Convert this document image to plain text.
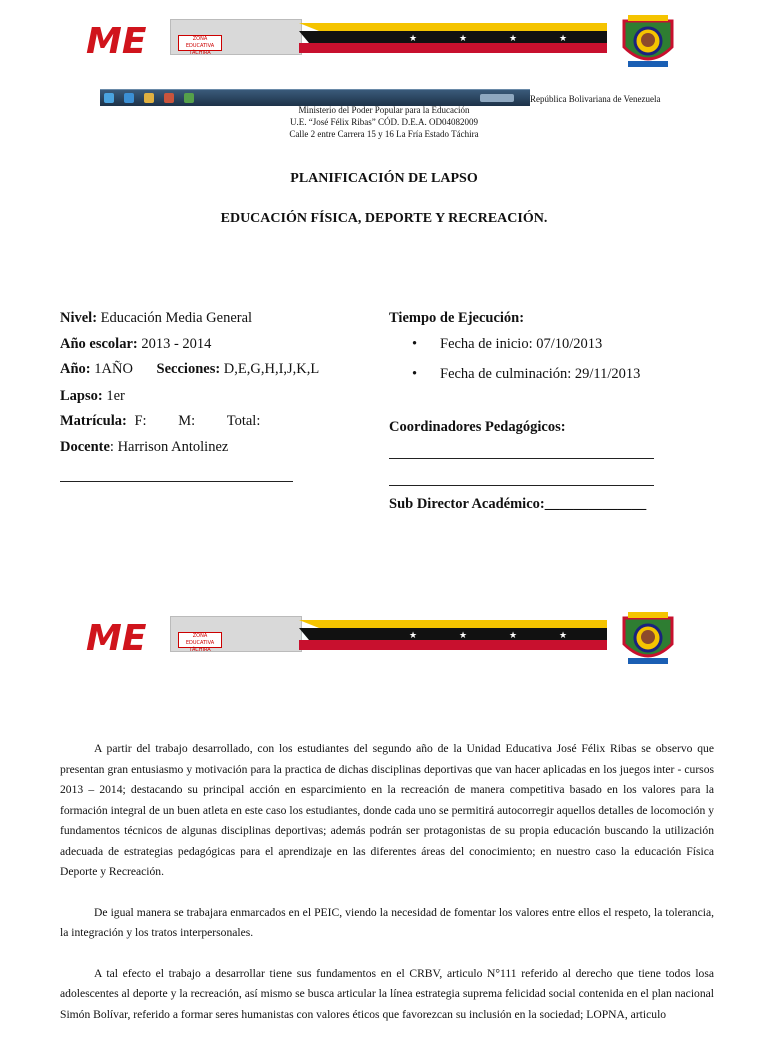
ME	ZONA EDUCATIVA TÁCHIRA
★	★	★	★
República Bolivariana de Venezuela
Ministerio del Poder Popular para la Educación
U.E. “José Félix Ribas” CÓD. D.E.A. OD04082009
Calle 2 entre Carrera 15 y 16 La Fría Estado Táchira
PLANIFICACIÓN DE LAPSO
EDUCACIÓN FÍSICA, DEPORTE Y RECREACIÓN.
Nivel: Educación Media General
Año escolar: 2013 - 2014
Año: 1AÑO Secciones: D,E,G,H,I,J,K,L
Lapso: 1er
Matrícula: F: M: Total:
Docente: Harrison Antolinez
Tiempo de Ejecución:
• Fecha de inicio: 07/10/2013
• Fecha de culminación: 29/11/2013
Coordinadores Pedagógicos:
Sub Director Académico:______________
ME	ZONA EDUCATIVA TÁCHIRA
★	★	★	★

A partir del trabajo desarrollado, con los estudiantes del segundo año de la Unidad Educativa José Félix Ribas se observo que presentan gran entusiasmo y motivación para la practica de dichas disciplinas deportivas que van hacer aplicadas en los juegos inter - cursos 2013 – 2014; destacando su principal acción en esparcimiento en la recreación de manera competitiva basado en los valores para la formación integral de un buen atleta en este caso los estudiantes, donde cada uno se permitirá autocorregir aquellos detalles de locomoción y fundamentos técnicos de algunas disciplinas deportivas; además podrán ser protagonistas de su propia educación buscando la utilización adecuada de estrategias pedagógicas para el aprendizaje en las diferentes áreas del conocimiento; en nuestro caso la educación Física Deporte y Recreación.

De igual manera se trabajara enmarcados en el PEIC, viendo la necesidad de fomentar los valores entre ellos el respeto, la tolerancia, la integración y los tratos interpersonales.

A tal efecto el trabajo a desarrollar tiene sus fundamentos en el CRBV, articulo N°111 referido al derecho que tiene todos losa adolescentes al deporte y la recreación, así mismo se busca articular la línea estrategia suprema felicidad social contenida en el plan nacional Simón Bolívar, referido a formar seres humanistas con valores éticos que favorezcan su inclusión en la sociedad; LOPNA, articulo
